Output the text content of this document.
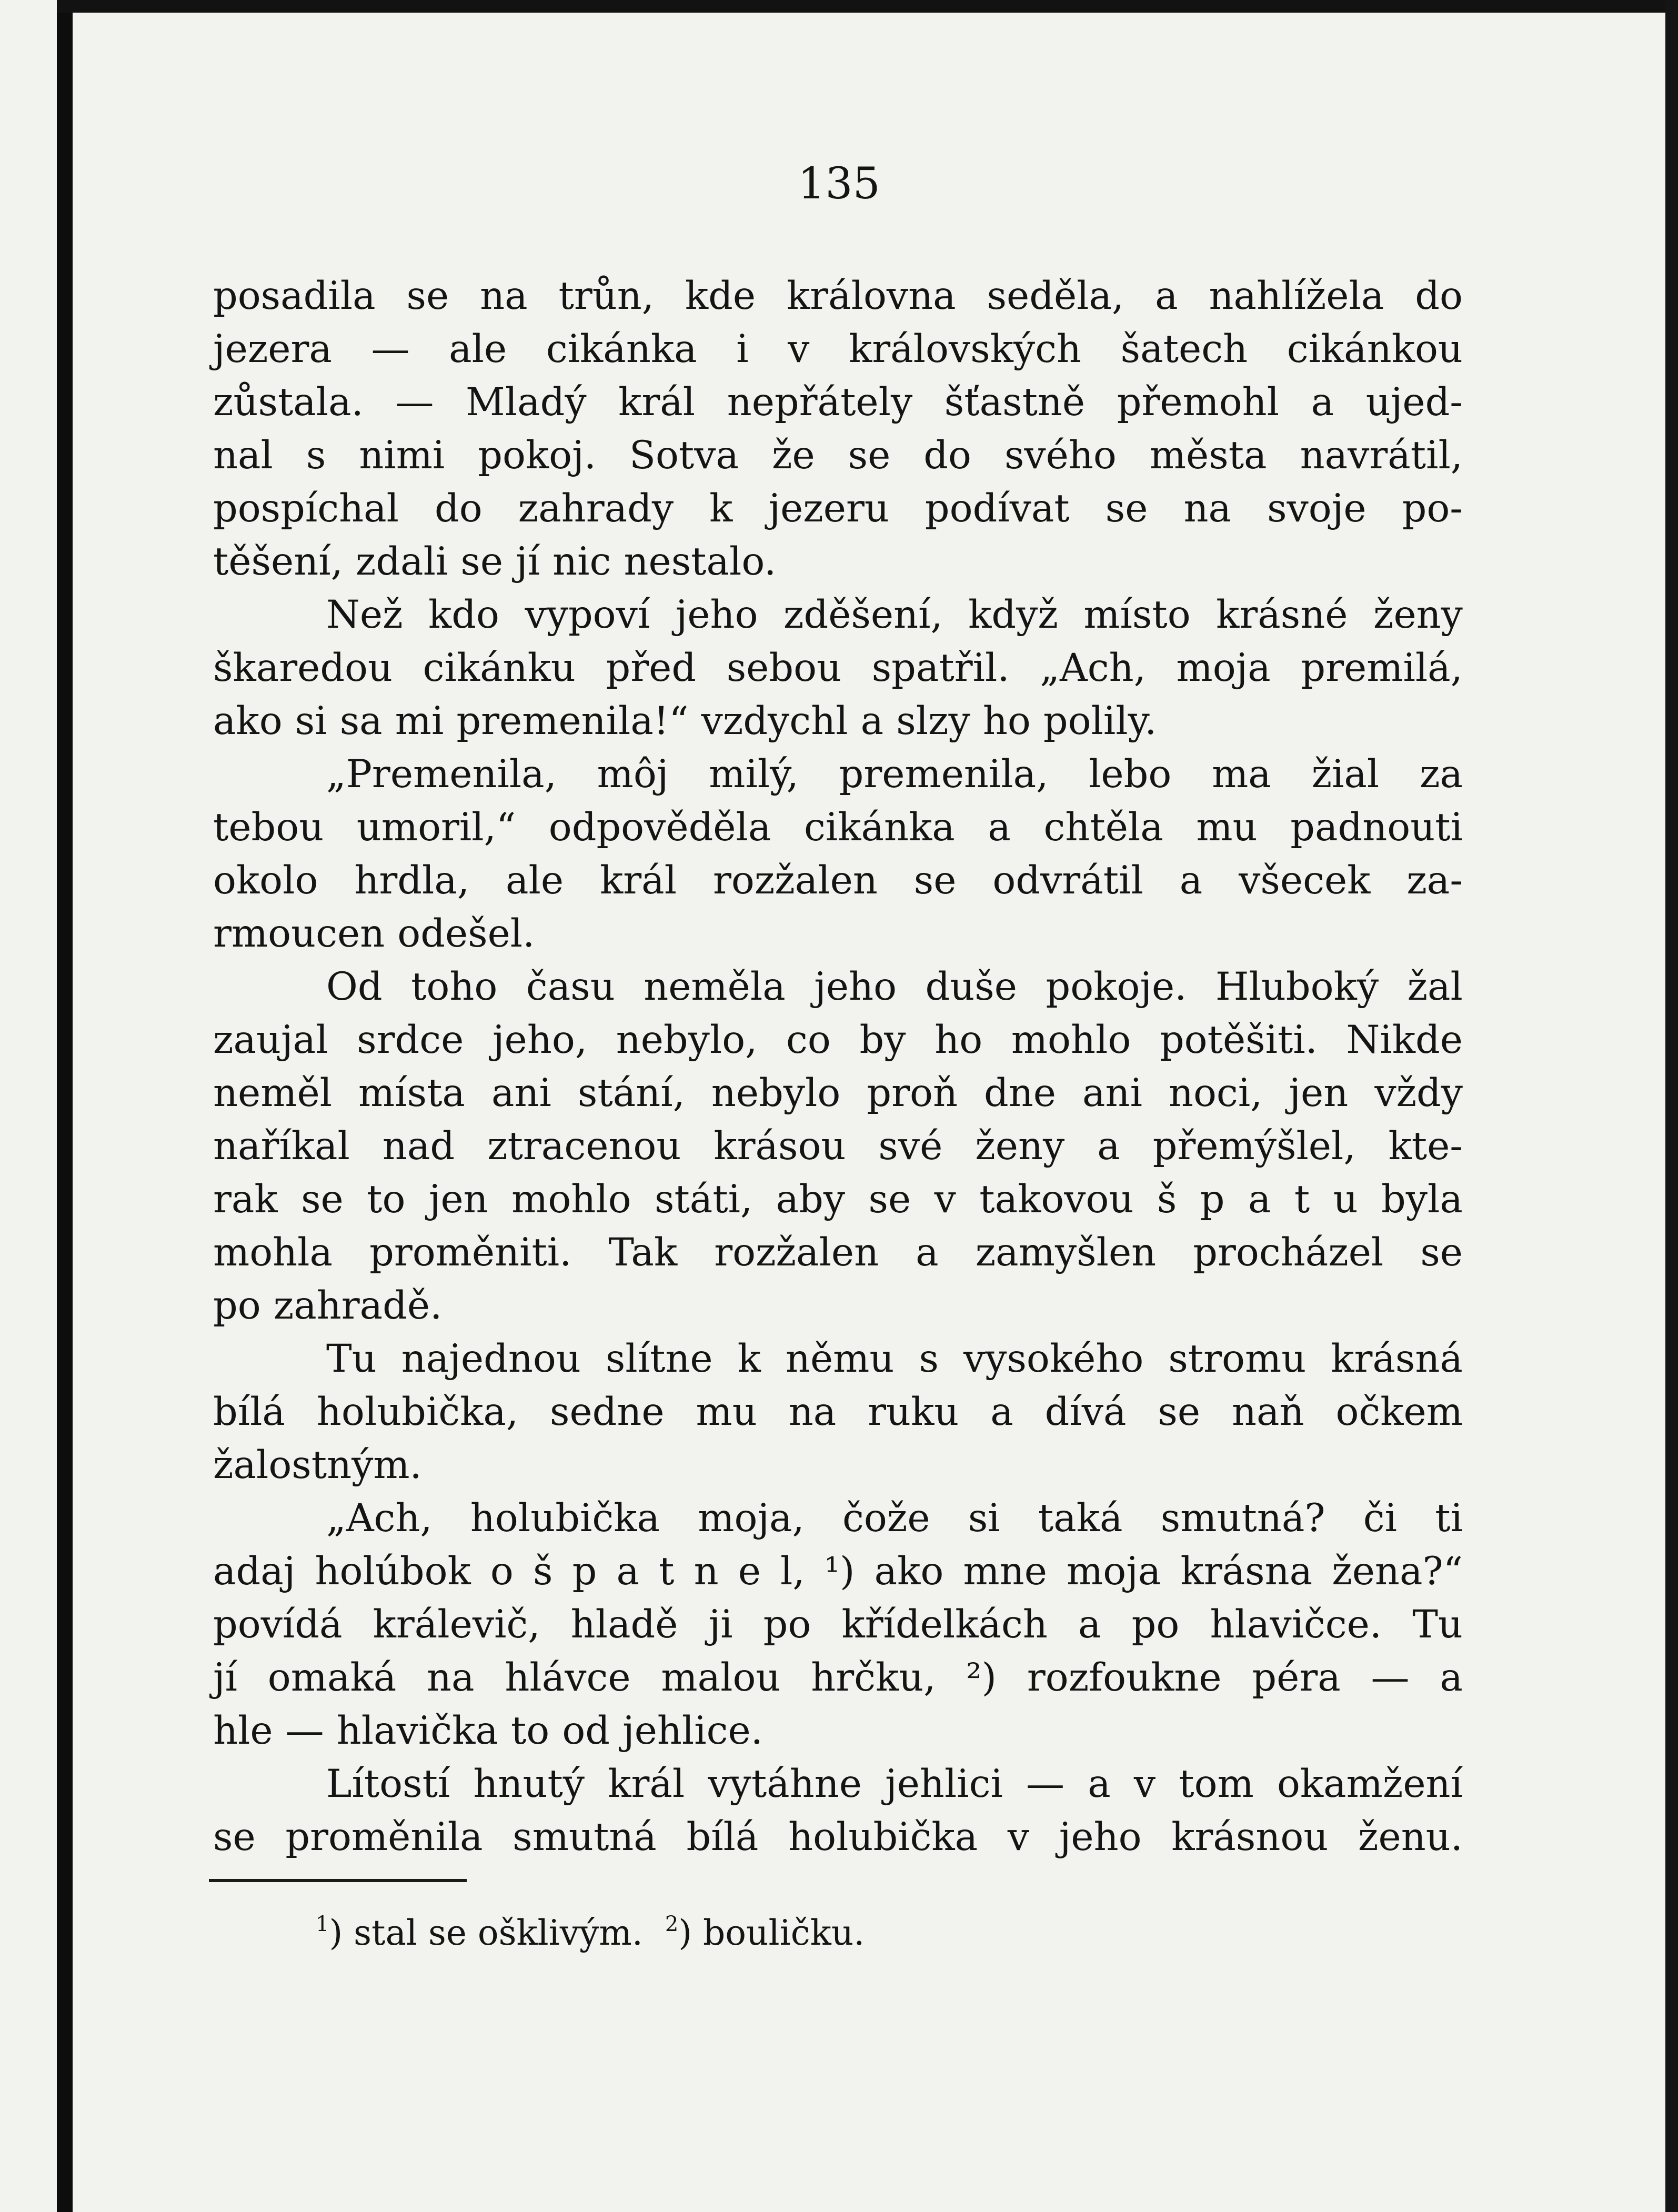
135
posadila se na trůn, kde královna seděla, a nahlížela do
jezera — ale cikánka i v královských šatech cikánkou
zůstala. — Mladý král nepřátely šťastně přemohl a ujed-
nal s nimi pokoj. Sotva že se do svého města navrátil,
pospíchal do zahrady k jezeru podívat se na svoje po-
těšení, zdali se jí nic nestalo.
Než kdo vypoví jeho zděšení, když místo krásné ženy
škaredou cikánku před sebou spatřil. „Ach, moja premilá,
ako si sa mi premenila!“ vzdychl a slzy ho polily.
„Premenila, môj milý, premenila, lebo ma žial za
tebou umoril,“ odpověděla cikánka a chtěla mu padnouti
okolo hrdla, ale král rozžalen se odvrátil a všecek za-
rmoucen odešel.
Od toho času neměla jeho duše pokoje. Hluboký žal
zaujal srdce jeho, nebylo, co by ho mohlo potěšiti. Nikde
neměl místa ani stání, nebylo proň dne ani noci, jen vždy
naříkal nad ztracenou krásou své ženy a přemýšlel, kte-
rak se to jen mohlo státi, aby se v takovou š p a t u byla
mohla proměniti. Tak rozžalen a zamyšlen procházel se
po zahradě.
Tu najednou slítne k němu s vysokého stromu krásná
bílá holubička, sedne mu na ruku a dívá se naň očkem
žalostným.
„Ach, holubička moja, čože si taká smutná? či ti
adaj holúbok o š p a t n e l, ¹) ako mne moja krásna žena?“
povídá králevič, hladě ji po křídelkách a po hlavičce. Tu
jí omaká na hlávce malou hrčku, ²) rozfoukne péra — a
hle — hlavička to od jehlice.
Lítostí hnutý král vytáhne jehlici — a v tom okamžení
se proměnila smutná bílá holubička v jeho krásnou ženu.
$^1$) stal se ošklivým. $^2$) bouličku.
